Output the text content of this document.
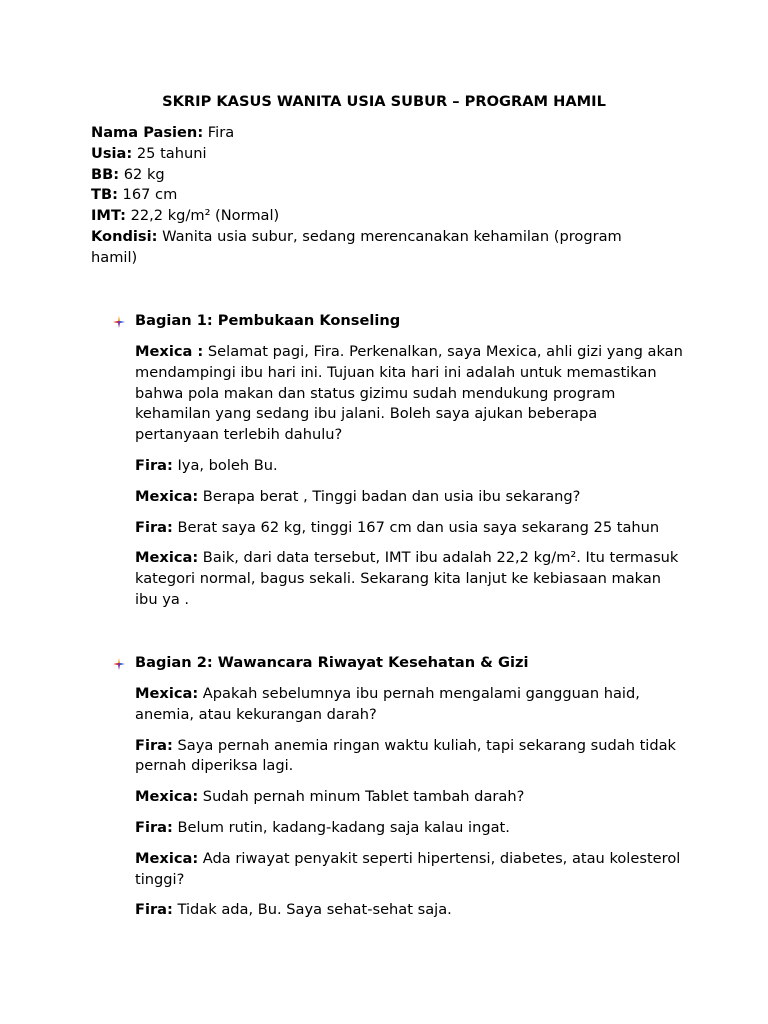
SKRIP KASUS WANITA USIA SUBUR – PROGRAM HAMIL

Nama Pasien: Fira

Usia: 25 tahuni

BB: 62 kg

TB: 167 cm

IMT: 22,2 kg/m² (Normal)

Kondisi: Wanita usia subur, sedang merencanakan kehamilan (program hamil)

Bagian 1: Pembukaan Konseling

Mexica : Selamat pagi, Fira. Perkenalkan, saya Mexica, ahli gizi yang akan mendampingi ibu hari ini. Tujuan kita hari ini adalah untuk memastikan bahwa pola makan dan status gizimu sudah mendukung program kehamilan yang sedang ibu jalani. Boleh saya ajukan beberapa pertanyaan terlebih dahulu?

Fira: Iya, boleh Bu.

Mexica: Berapa berat , Tinggi badan dan usia ibu sekarang?

Fira: Berat saya 62 kg, tinggi 167 cm dan usia saya sekarang 25 tahun

Mexica: Baik, dari data tersebut, IMT ibu adalah 22,2 kg/m². Itu termasuk kategori normal, bagus sekali. Sekarang kita lanjut ke kebiasaan makan ibu ya .

Bagian 2: Wawancara Riwayat Kesehatan & Gizi

Mexica: Apakah sebelumnya ibu pernah mengalami gangguan haid, anemia, atau kekurangan darah?

Fira: Saya pernah anemia ringan waktu kuliah, tapi sekarang sudah tidak pernah diperiksa lagi.

Mexica: Sudah pernah minum Tablet tambah darah?

Fira: Belum rutin, kadang-kadang saja kalau ingat.

Mexica: Ada riwayat penyakit seperti hipertensi, diabetes, atau kolesterol tinggi?

Fira: Tidak ada, Bu. Saya sehat-sehat saja.
